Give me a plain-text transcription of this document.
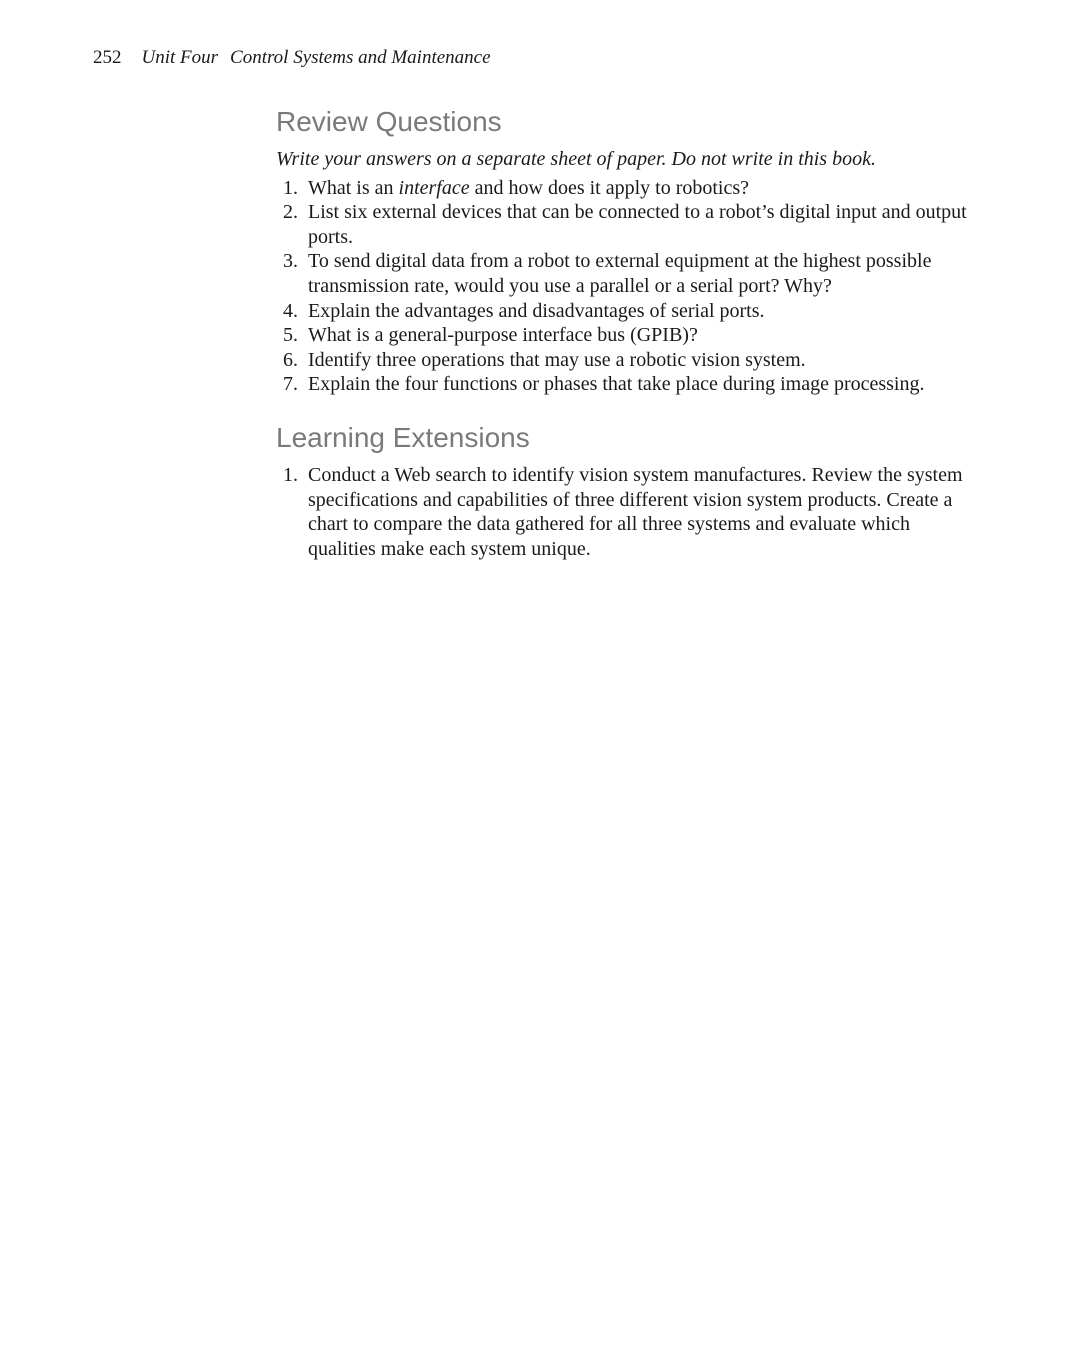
252 Unit Four Control Systems and Maintenance
Review Questions

Write your answers on a separate sheet of paper. Do not write in this book.

1. What is an interface and how does it apply to robotics?
2. List six external devices that can be connected to a robot’s digital input and output ports.
3. To send digital data from a robot to external equipment at the highest possible transmission rate, would you use a parallel or a serial port? Why?
4. Explain the advantages and disadvantages of serial ports.
5. What is a general-purpose interface bus (GPIB)?
6. Identify three operations that may use a robotic vision system.
7. Explain the four functions or phases that take place during image processing.
Learning Extensions
1. Conduct a Web search to identify vision system manufactures. Review the system specifications and capabilities of three different vision system products. Create a chart to compare the data gathered for all three systems and evaluate which qualities make each system unique.
